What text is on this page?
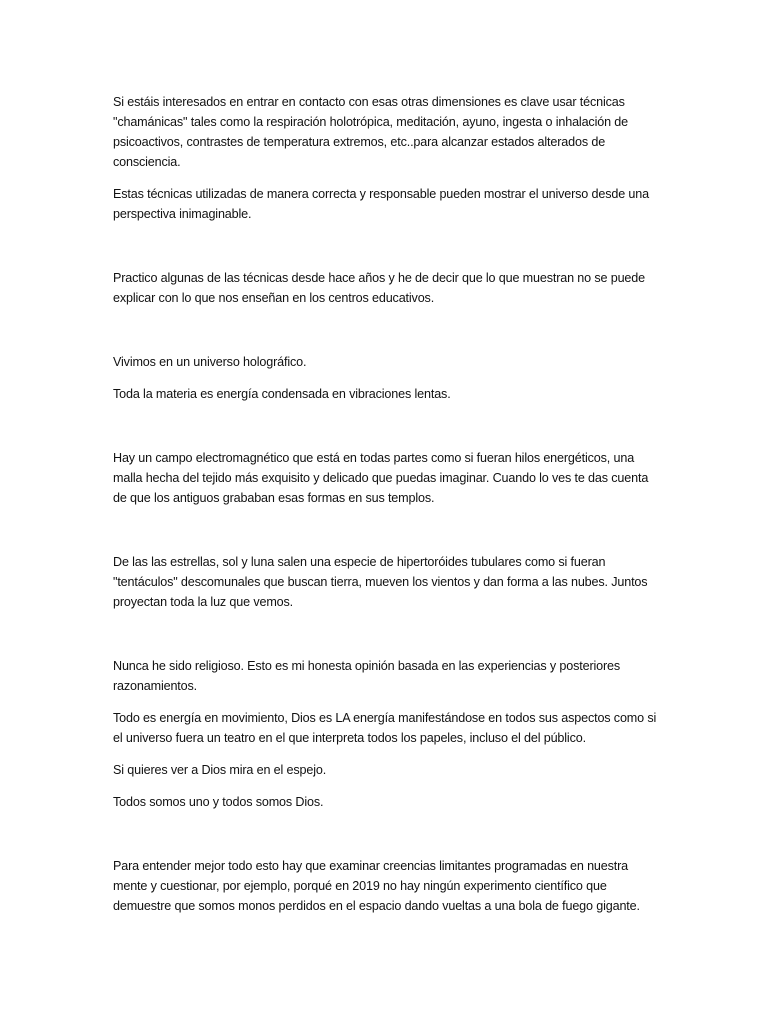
Si estáis interesados en entrar en contacto con esas otras dimensiones es clave usar técnicas "chamánicas" tales como la respiración holotrópica, meditación, ayuno, ingesta o inhalación de psicoactivos, contrastes de temperatura extremos, etc..para alcanzar estados alterados de consciencia.

Estas técnicas utilizadas de manera correcta y responsable pueden mostrar el universo desde una perspectiva inimaginable.

Practico algunas de las técnicas desde hace años y he de decir que lo que muestran no se puede explicar con lo que nos enseñan en los centros educativos.

Vivimos en un universo holográfico.

Toda la materia es energía condensada en vibraciones lentas.

Hay un campo electromagnético que está en todas partes como si fueran hilos energéticos, una malla hecha del tejido más exquisito y delicado que puedas imaginar. Cuando lo ves te das cuenta de que los antiguos grababan esas formas en sus templos.

De las las estrellas, sol y luna salen una especie de hipertoróides tubulares como si fueran "tentáculos" descomunales que buscan tierra, mueven los vientos y dan forma a las nubes. Juntos proyectan toda la luz que vemos.

Nunca he sido religioso. Esto es mi honesta opinión basada en las experiencias y posteriores razonamientos.

Todo es energía en movimiento, Dios es LA energía manifestándose en todos sus aspectos como si el universo fuera un teatro en el que interpreta todos los papeles, incluso el del público.

Si quieres ver a Dios mira en el espejo.

Todos somos uno y todos somos Dios.

Para entender mejor todo esto hay que examinar creencias limitantes programadas en nuestra mente y cuestionar, por ejemplo, porqué en 2019 no hay ningún experimento científico que demuestre que somos monos perdidos en el espacio dando vueltas a una bola de fuego gigante.
